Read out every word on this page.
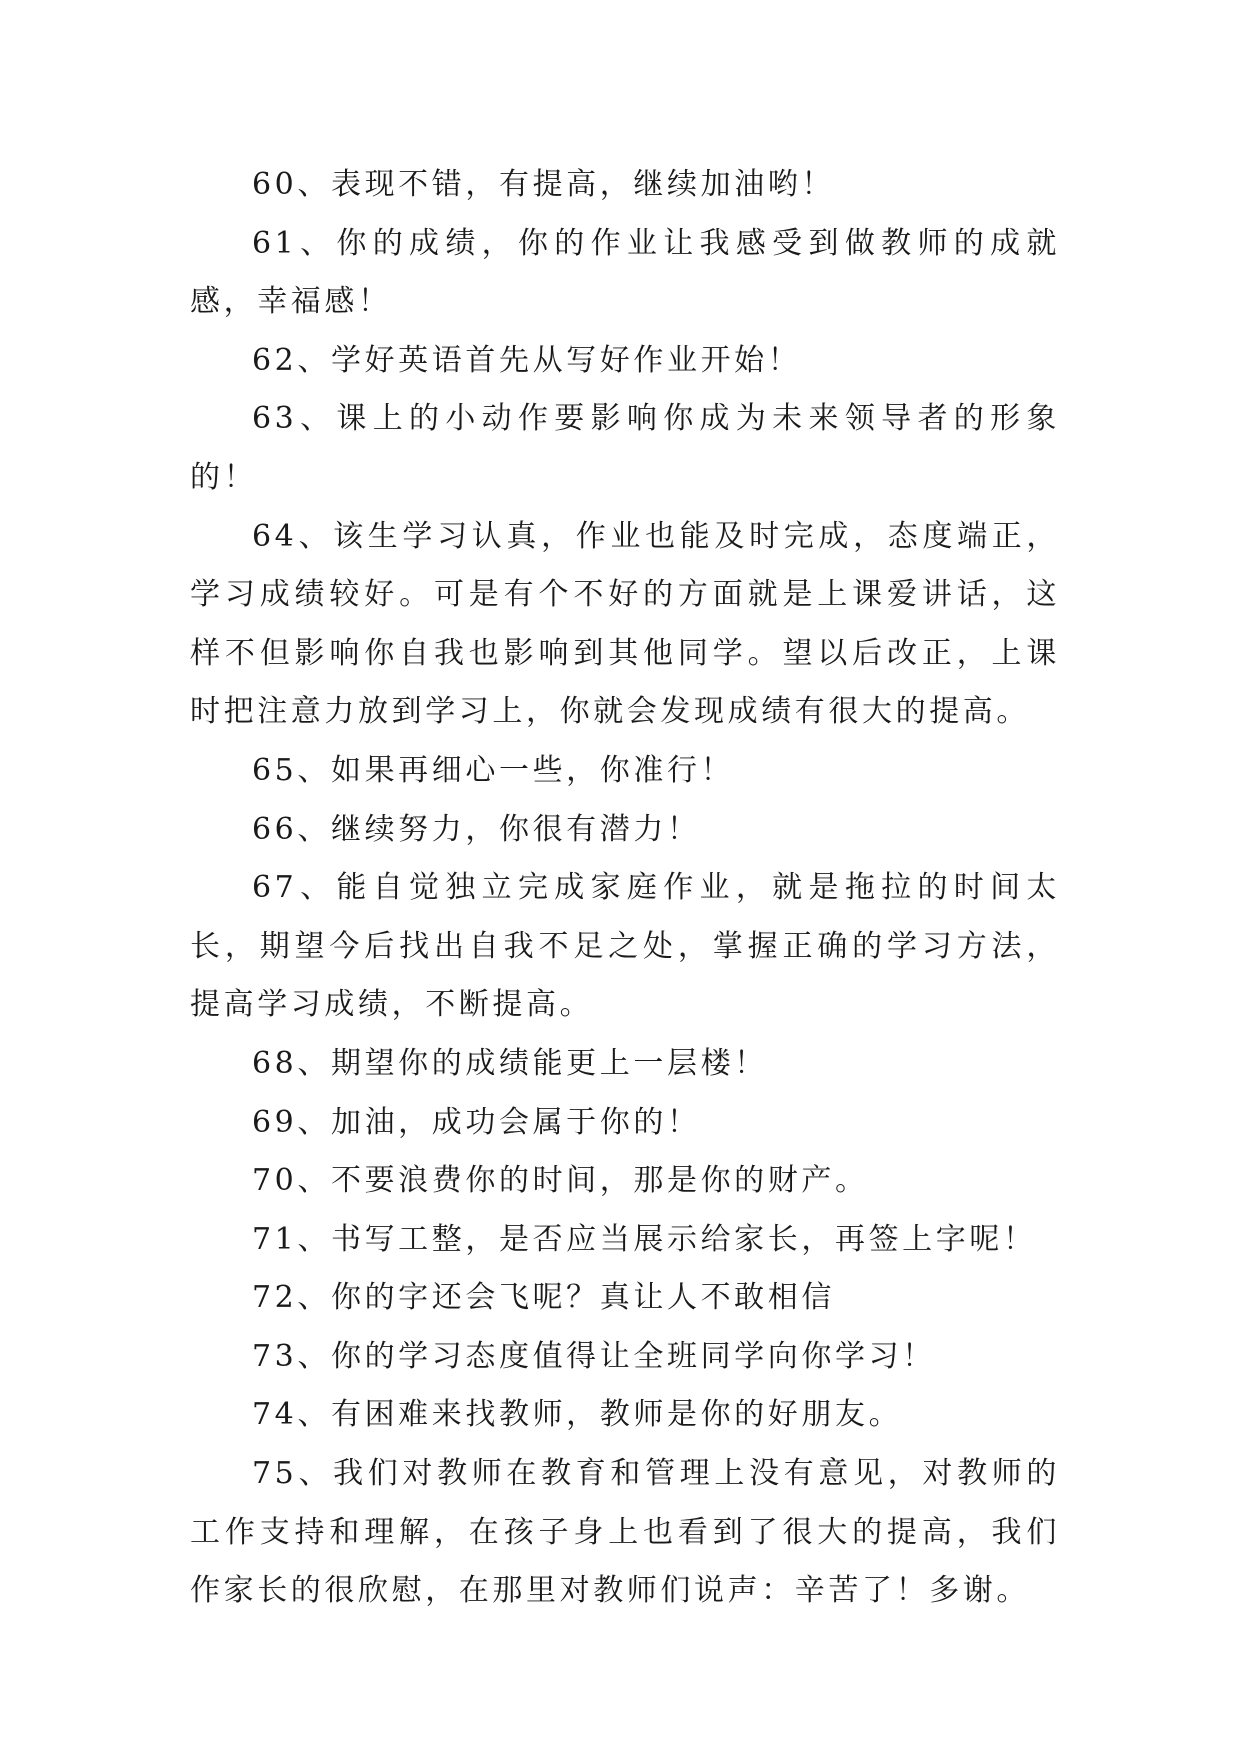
60、表现不错，有提高，继续加油哟！

61、你的成绩，你的作业让我感受到做教师的成就感，幸福感！

62、学好英语首先从写好作业开始！

63、课上的小动作要影响你成为未来领导者的形象的！

64、该生学习认真，作业也能及时完成，态度端正，学习成绩较好。可是有个不好的方面就是上课爱讲话，这样不但影响你自我也影响到其他同学。望以后改正，上课时把注意力放到学习上，你就会发现成绩有很大的提高。

65、如果再细心一些，你准行！

66、继续努力，你很有潜力！

67、能自觉独立完成家庭作业，就是拖拉的时间太长，期望今后找出自我不足之处，掌握正确的学习方法，提高学习成绩，不断提高。

68、期望你的成绩能更上一层楼！

69、加油，成功会属于你的！

70、不要浪费你的时间，那是你的财产。

71、书写工整，是否应当展示给家长，再签上字呢！

72、你的字还会飞呢？真让人不敢相信

73、你的学习态度值得让全班同学向你学习！

74、有困难来找教师，教师是你的好朋友。

75、我们对教师在教育和管理上没有意见，对教师的工作支持和理解，在孩子身上也看到了很大的提高，我们作家长的很欣慰，在那里对教师们说声：辛苦了！多谢。
